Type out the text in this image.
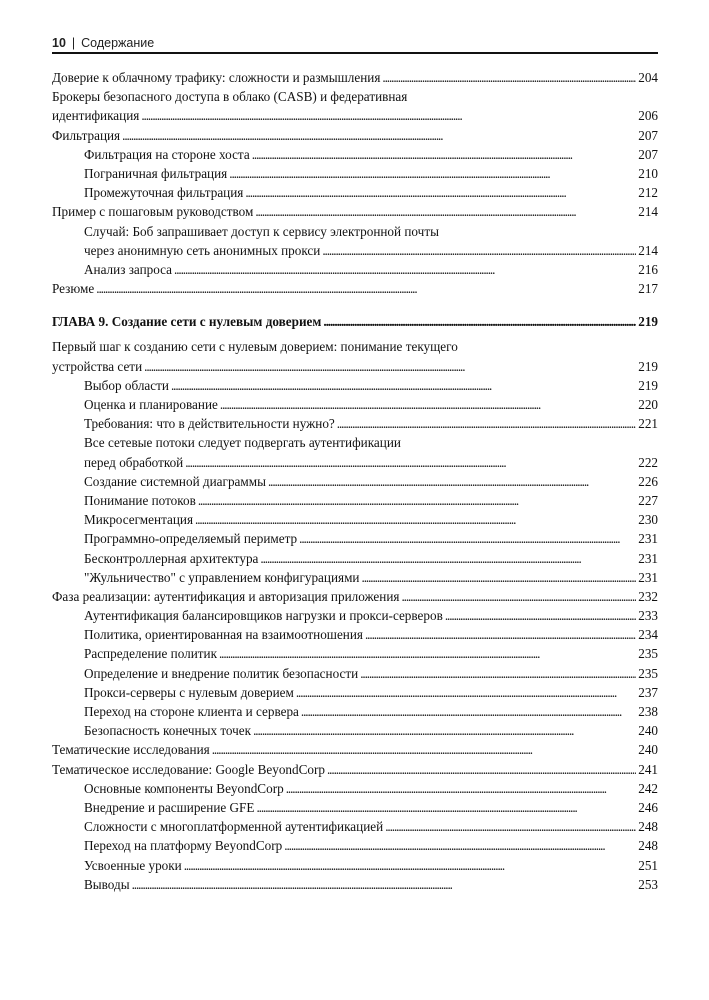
10 | Содержание
Доверие к облачному трафику: сложности и размышления . . .	204
Брокеры безопасного доступа в облако (CASB) и федеративная
идентификация . . .	206
Фильтрация . . .	207
Фильтрация на стороне хоста . . .	207
Пограничная фильтрация . . .	210
Промежуточная фильтрация . . .	212
Пример с пошаговым руководством . . .	214
Случай: Боб запрашивает доступ к сервису электронной почты
через анонимную сеть анонимных прокси . . .	214
Анализ запроса . . .	216
Резюме . . .	217
ГЛАВА 9. Создание сети с нулевым доверием . . .	219
Первый шаг к созданию сети с нулевым доверием: понимание текущего
устройства сети . . .	219
Выбор области . . .	219
Оценка и планирование . . .	220
Требования: что в действительности нужно? . . .	221
Все сетевые потоки следует подвергать аутентификации
перед обработкой . . .	222
Создание системной диаграммы . . .	226
Понимание потоков . . .	227
Микросегментация . . .	230
Программно-определяемый периметр . . .	231
Бесконтроллерная архитектура . . .	231
"Жульничество" с управлением конфигурациями . . .	231
Фаза реализации: аутентификация и авторизация приложения . . .	232
Аутентификация балансировщиков нагрузки и прокси-серверов . . .	233
Политика, ориентированная на взаимоотношения . . .	234
Распределение политик . . .	235
Определение и внедрение политик безопасности . . .	235
Прокси-серверы с нулевым доверием . . .	237
Переход на стороне клиента и сервера . . .	238
Безопасность конечных точек . . .	240
Тематические исследования . . .	240
Тематическое исследование: Google BeyondCorp . . .	241
Основные компоненты BeyondCorp . . .	242
Внедрение и расширение GFE . . .	246
Сложности с многоплатформенной аутентификацией . . .	248
Переход на платформу BeyondCorp . . .	248
Усвоенные уроки . . .	251
Выводы . . .	253
